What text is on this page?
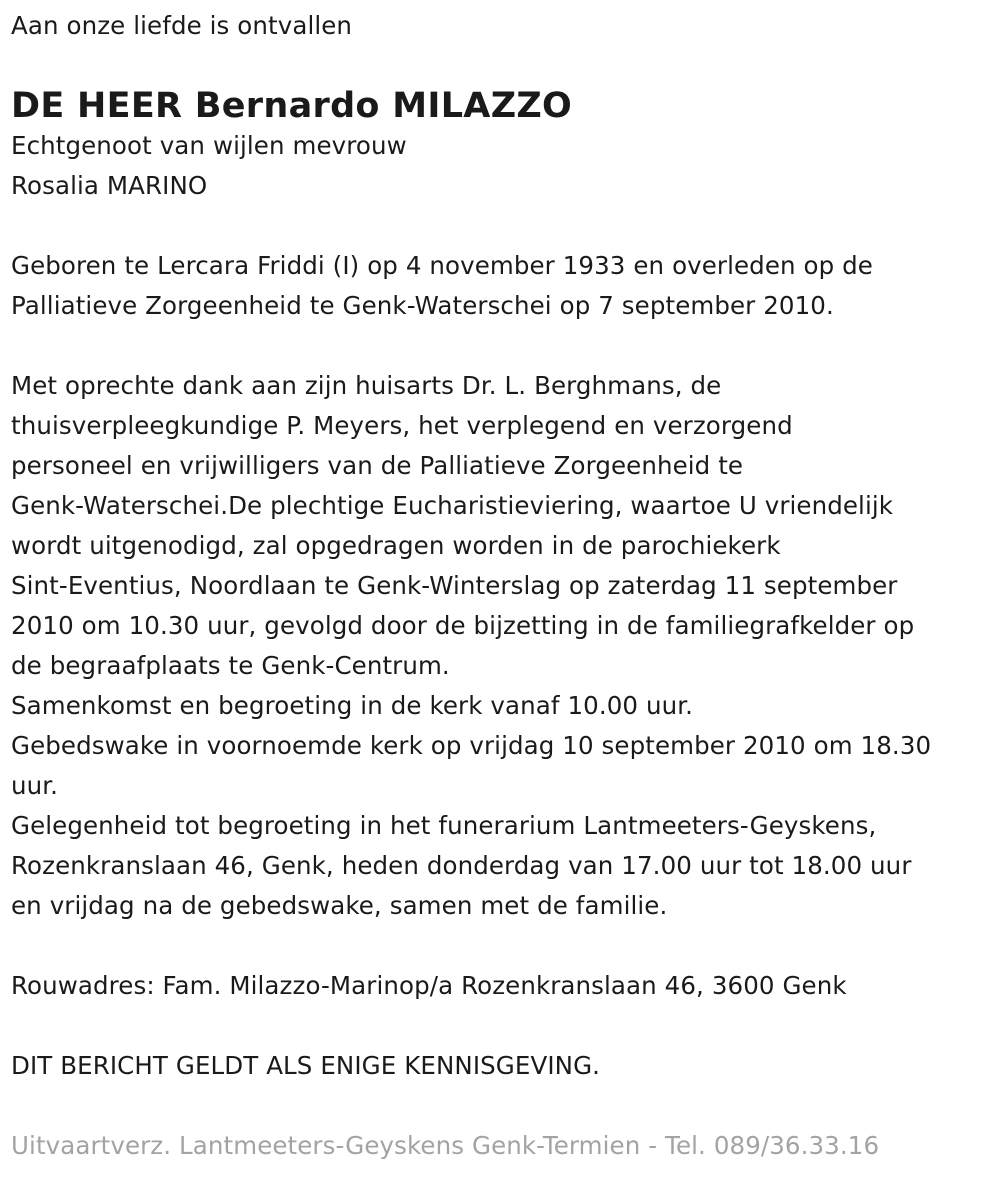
Aan onze liefde is ontvallen
DE HEER Bernardo MILAZZO
Echtgenoot van wijlen mevrouw
Rosalia MARINO
Geboren te Lercara Friddi (I) op 4 november 1933 en overleden op de
Palliatieve Zorgeenheid te Genk-Waterschei op 7 september 2010.
Met oprechte dank aan zijn huisarts Dr. L. Berghmans, de
thuisverpleegkundige P. Meyers, het verplegend en verzorgend
personeel en vrijwilligers van de Palliatieve Zorgeenheid te
Genk-Waterschei.De plechtige Eucharistieviering, waartoe U vriendelijk
wordt uitgenodigd, zal opgedragen worden in de parochiekerk
Sint-Eventius, Noordlaan te Genk-Winterslag op zaterdag 11 september
2010 om 10.30 uur, gevolgd door de bijzetting in de familiegrafkelder op
de begraafplaats te Genk-Centrum.
Samenkomst en begroeting in de kerk vanaf 10.00 uur.
Gebedswake in voornoemde kerk op vrijdag 10 september 2010 om 18.30
uur.
Gelegenheid tot begroeting in het funerarium Lantmeeters-Geyskens,
Rozenkranslaan 46, Genk, heden donderdag van 17.00 uur tot 18.00 uur
en vrijdag na de gebedswake, samen met de familie.
Rouwadres: Fam. Milazzo-Marinop/a Rozenkranslaan 46, 3600 Genk
DIT BERICHT GELDT ALS ENIGE KENNISGEVING.
Uitvaartverz. Lantmeeters-Geyskens Genk-Termien - Tel. 089/36.33.16
